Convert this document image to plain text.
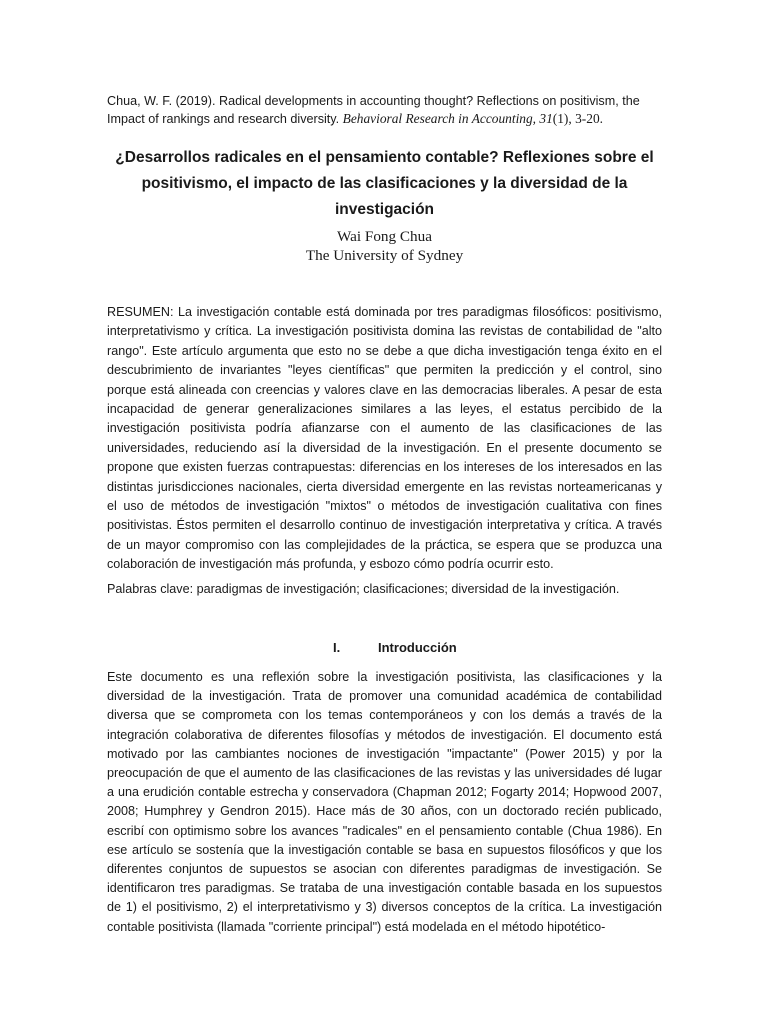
Chua, W. F. (2019). Radical developments in accounting thought? Reflections on positivism, the Impact of rankings and research diversity. Behavioral Research in Accounting, 31(1), 3-20.
¿Desarrollos radicales en el pensamiento contable? Reflexiones sobre el positivismo, el impacto de las clasificaciones y la diversidad de la investigación
Wai Fong Chua
The University of Sydney

RESUMEN: La investigación contable está dominada por tres paradigmas filosóficos: positivismo, interpretativismo y crítica. La investigación positivista domina las revistas de contabilidad de "alto rango". Este artículo argumenta que esto no se debe a que dicha investigación tenga éxito en el descubrimiento de invariantes "leyes científicas" que permiten la predicción y el control, sino porque está alineada con creencias y valores clave en las democracias liberales. A pesar de esta incapacidad de generar generalizaciones similares a las leyes, el estatus percibido de la investigación positivista podría afianzarse con el aumento de las clasificaciones de las universidades, reduciendo así la diversidad de la investigación. En el presente documento se propone que existen fuerzas contrapuestas: diferencias en los intereses de los interesados en las distintas jurisdicciones nacionales, cierta diversidad emergente en las revistas norteamericanas y el uso de métodos de investigación "mixtos" o métodos de investigación cualitativa con fines positivistas. Éstos permiten el desarrollo continuo de investigación interpretativa y crítica. A través de un mayor compromiso con las complejidades de la práctica, se espera que se produzca una colaboración de investigación más profunda, y esbozo cómo podría ocurrir esto.

Palabras clave: paradigmas de investigación; clasificaciones; diversidad de la investigación.

I.	Introducción

Este documento es una reflexión sobre la investigación positivista, las clasificaciones y la diversidad de la investigación. Trata de promover una comunidad académica de contabilidad diversa que se comprometa con los temas contemporáneos y con los demás a través de la integración colaborativa de diferentes filosofías y métodos de investigación. El documento está motivado por las cambiantes nociones de investigación "impactante" (Power 2015) y por la preocupación de que el aumento de las clasificaciones de las revistas y las universidades dé lugar a una erudición contable estrecha y conservadora (Chapman 2012; Fogarty 2014; Hopwood 2007, 2008; Humphrey y Gendron 2015). Hace más de 30 años, con un doctorado recién publicado, escribí con optimismo sobre los avances "radicales" en el pensamiento contable (Chua 1986). En ese artículo se sostenía que la investigación contable se basa en supuestos filosóficos y que los diferentes conjuntos de supuestos se asocian con diferentes paradigmas de investigación. Se identificaron tres paradigmas. Se trataba de una investigación contable basada en los supuestos de 1) el positivismo, 2) el interpretativismo y 3) diversos conceptos de la crítica. La investigación contable positivista (llamada "corriente principal") está modelada en el método hipotético-
